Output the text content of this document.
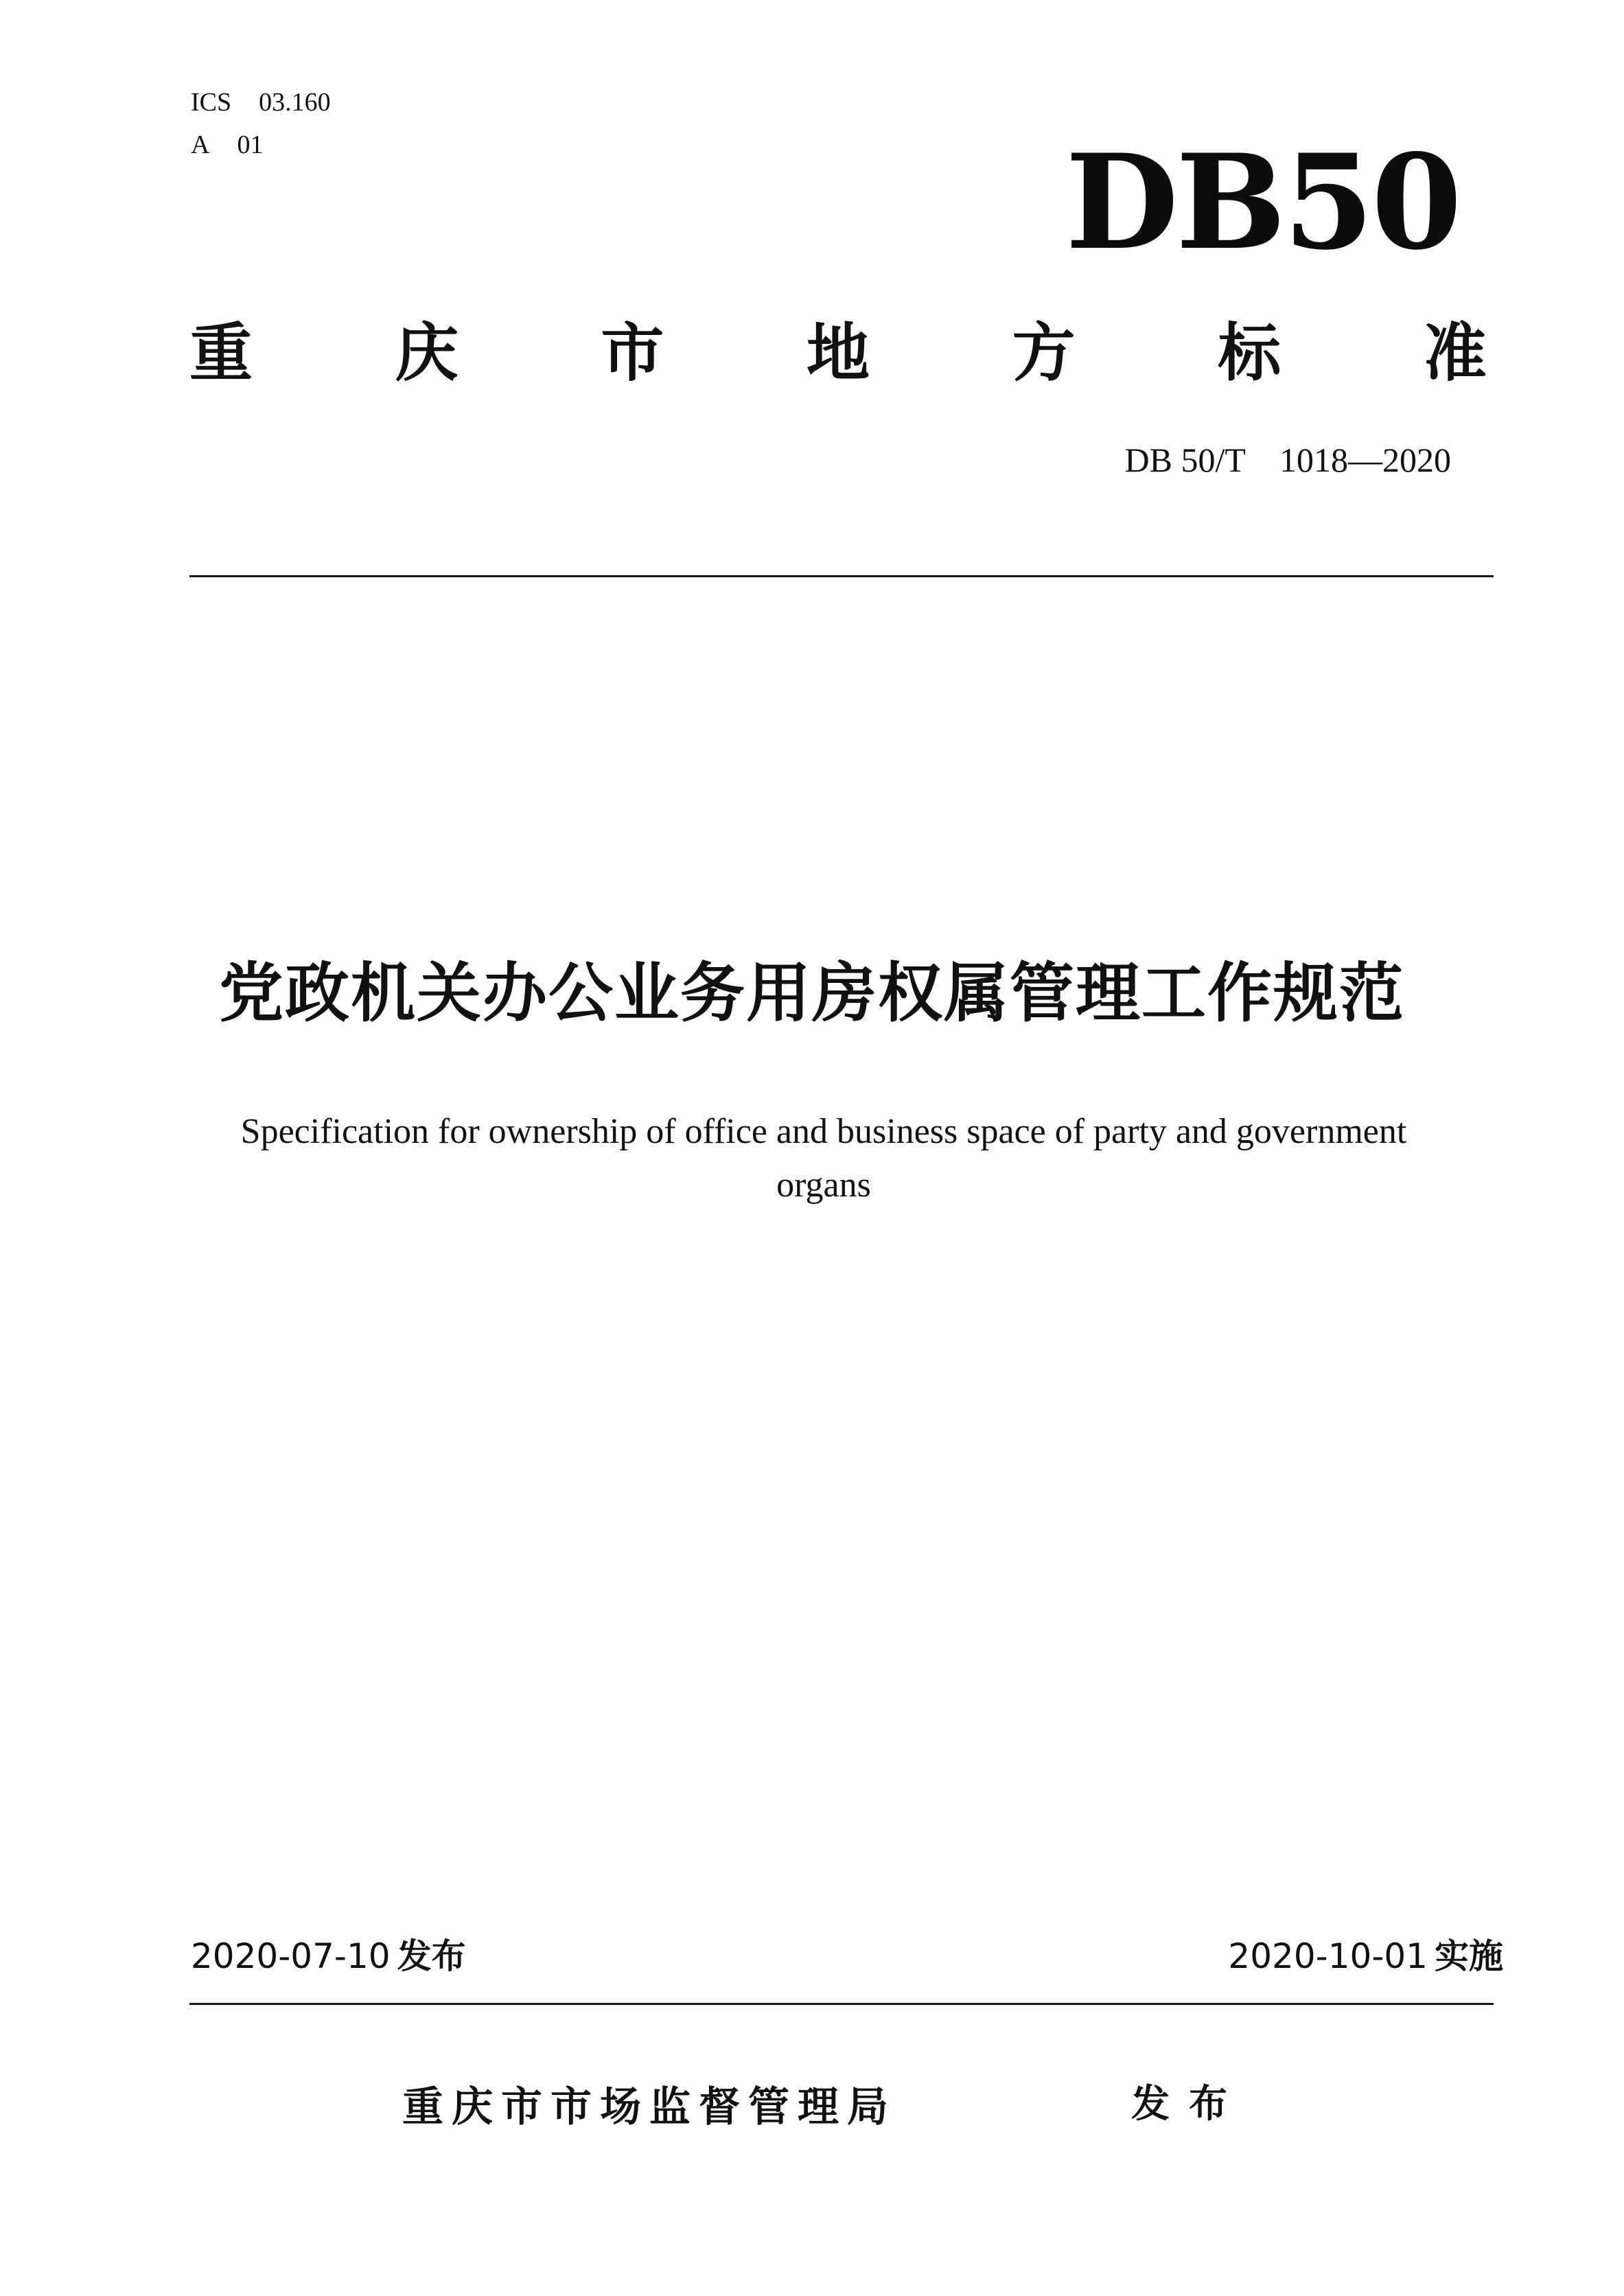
ICS 03.160
A 01	DB50
重 庆 市 地 方 标 准
DB 50/T    1018—2020
党政机关办公业务用房权属管理工作规范
Specification for ownership of office and business space of party and government
organs
2020-07-10 发布	2020-10-01 实施
重庆市市场监督管理局	发布
